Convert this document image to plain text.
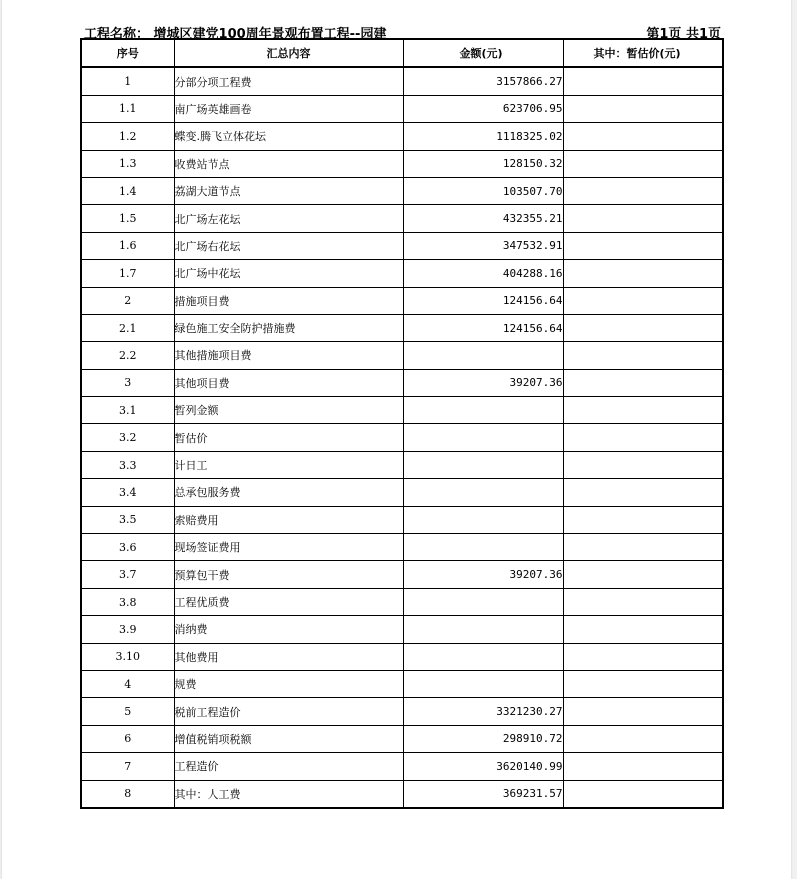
工程名称： 增城区建党100周年景观布置工程--园建	第1页 共1页
序号	汇总内容	金额(元)	其中：暂估价(元)
1	分部分项工程费	3157866.27	
1.1	南广场英雄画卷	623706.95	
1.2	蝶变.腾飞立体花坛	1118325.02	
1.3	收费站节点	128150.32	
1.4	荔湖大道节点	103507.70	
1.5	北广场左花坛	432355.21	
1.6	北广场右花坛	347532.91	
1.7	北广场中花坛	404288.16	
2	措施项目费	124156.64	
2.1	绿色施工安全防护措施费	124156.64	
2.2	其他措施项目费		
3	其他项目费	39207.36	
3.1	暂列金额		
3.2	暂估价		
3.3	计日工		
3.4	总承包服务费		
3.5	索赔费用		
3.6	现场签证费用		
3.7	预算包干费	39207.36	
3.8	工程优质费		
3.9	消纳费		
3.10	其他费用		
4	规费		
5	税前工程造价	3321230.27	
6	增值税销项税额	298910.72	
7	工程造价	3620140.99	
8	其中：人工费	369231.57	
